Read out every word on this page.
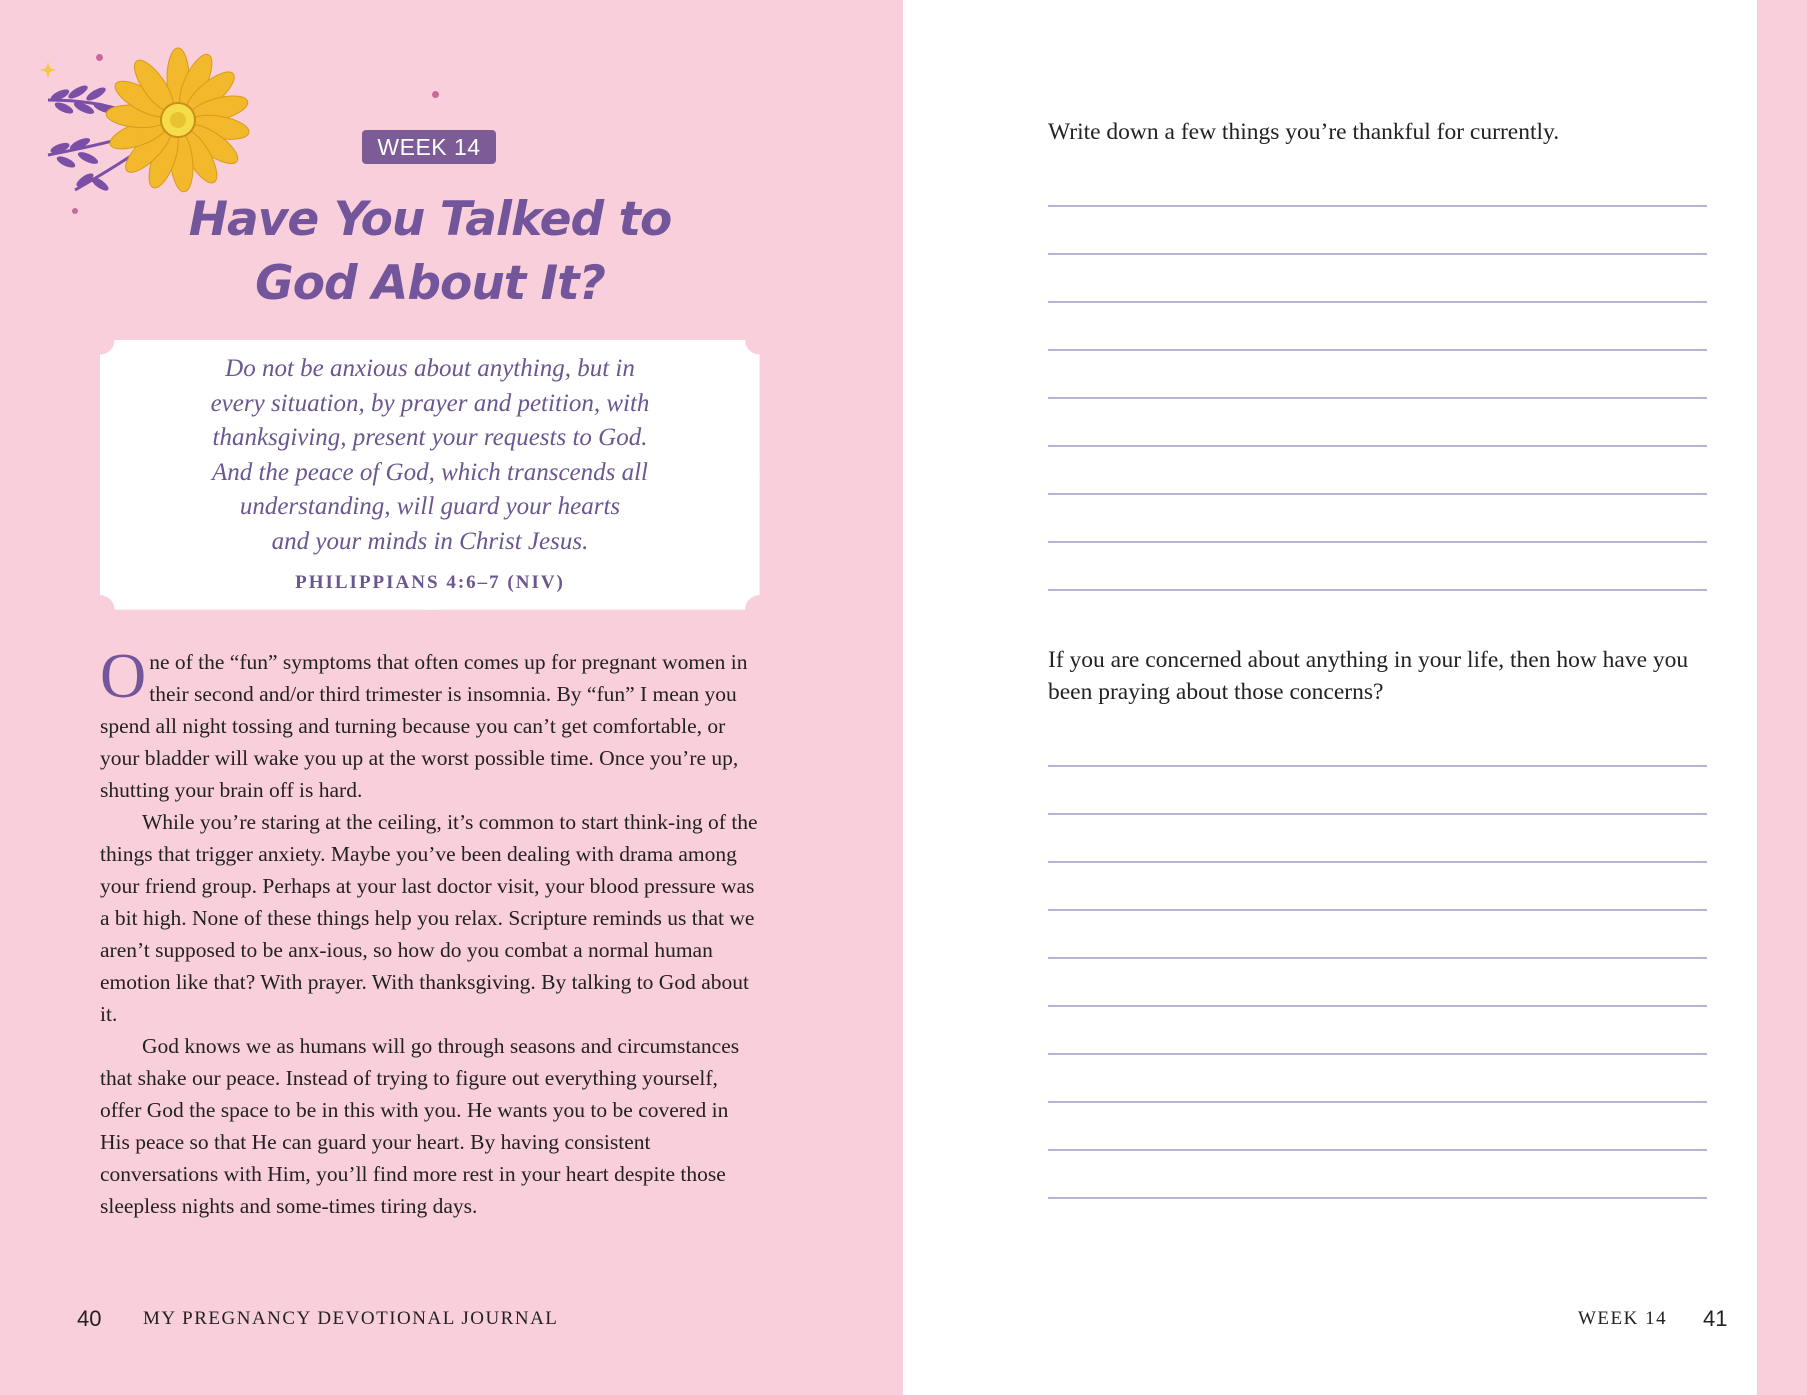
WEEK 14
Have You Talked to
God About It?
Do not be anxious about anything, but in
every situation, by prayer and petition, with
thanksgiving, present your requests to God.
And the peace of God, which transcends all
understanding, will guard your hearts
and your minds in Christ Jesus.
PHILIPPIANS 4:6–7 (NIV)

One of the “fun” symptoms that often comes up for pregnant women in their second and/or third trimester is insomnia. By “fun” I mean you spend all night tossing and turning because you can’t get comfortable, or your bladder will wake you up at the worst possible time. Once you’re up, shutting your brain off is hard.

While you’re staring at the ceiling, it’s common to start think-ing of the things that trigger anxiety. Maybe you’ve been dealing with drama among your friend group. Perhaps at your last doctor visit, your blood pressure was a bit high. None of these things help you relax. Scripture reminds us that we aren’t supposed to be anx-ious, so how do you combat a normal human emotion like that? With prayer. With thanksgiving. By talking to God about it.

God knows we as humans will go through seasons and circumstances that shake our peace. Instead of trying to figure out everything yourself, offer God the space to be in this with you. He wants you to be covered in His peace so that He can guard your heart. By having consistent conversations with Him, you’ll find more rest in your heart despite those sleepless nights and some-times tiring days.

40 MY PREGNANCY DEVOTIONAL JOURNAL
Write down a few things you’re thankful for currently.
If you are concerned about anything in your life, then how have you been praying about those concerns?
WEEK 14 41
